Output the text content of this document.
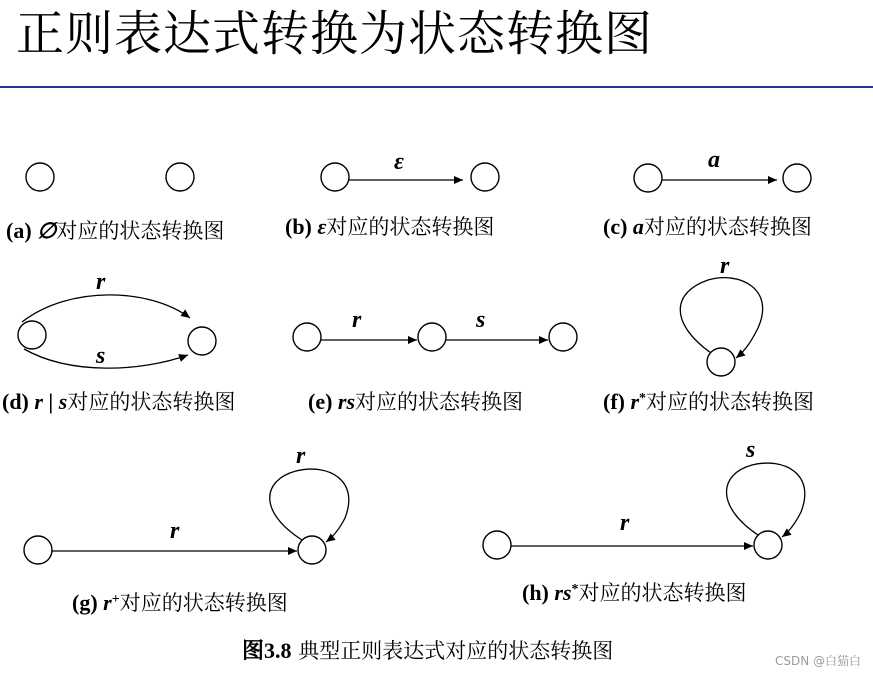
正则表达式转换为状态转换图
(a) ∅对应的状态转换图
ε
(b) ε对应的状态转换图
a
(c) a对应的状态转换图
r
s
(d) r | s对应的状态转换图
r	s
(e) rs对应的状态转换图
r
(f) r*对应的状态转换图
r
r
(g) r+对应的状态转换图
r
s
(h) rs*对应的状态转换图
图3.8 典型正则表达式对应的状态转换图	CSDN @白猫白
